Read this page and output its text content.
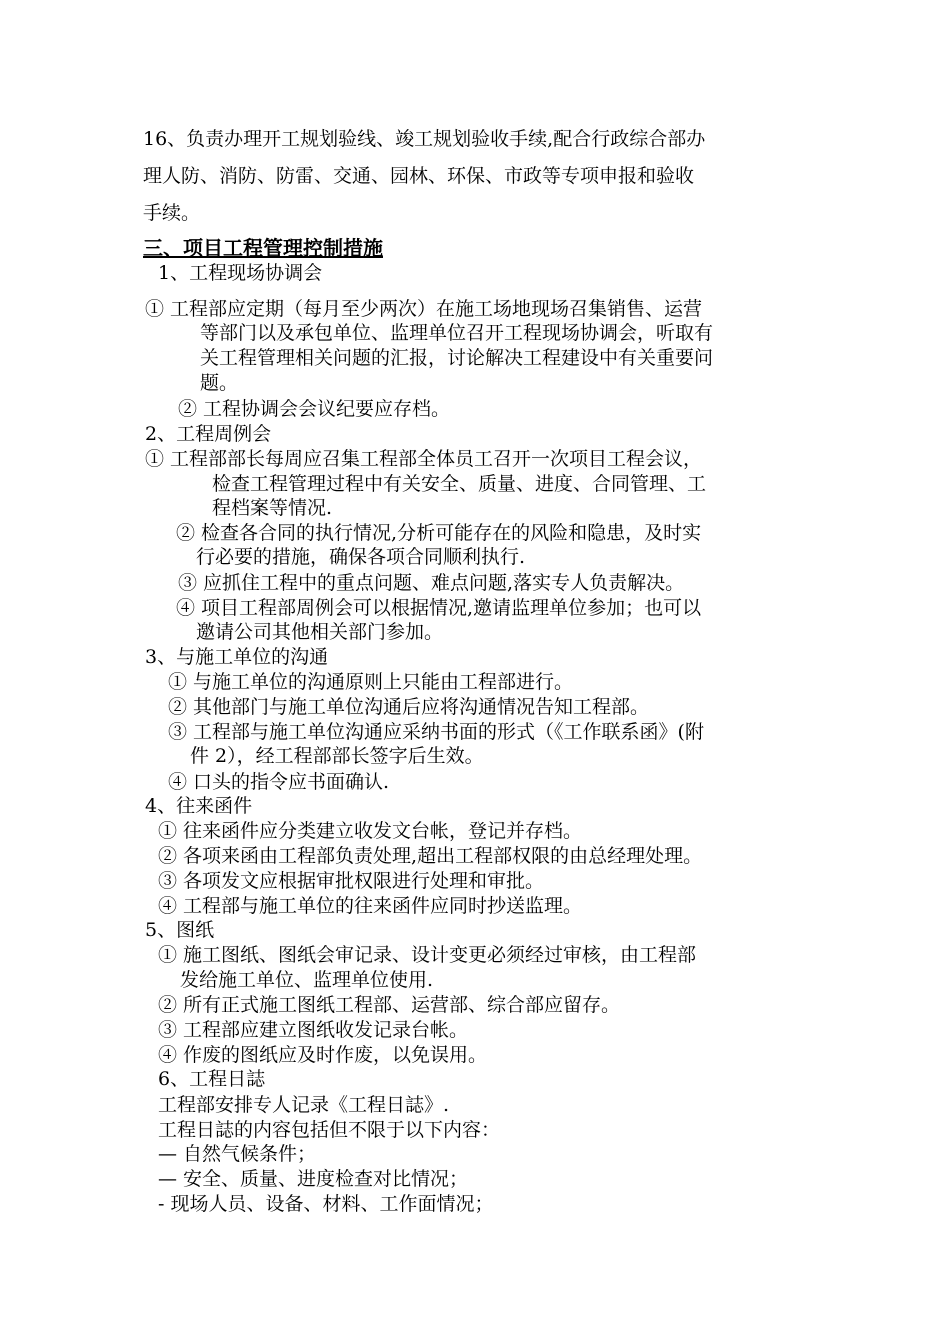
16、负责办理开工规划验线、竣工规划验收手续,配合行政综合部办
理人防、消防、防雷、交通、园林、环保、市政等专项申报和验收
手续。
三、项目工程管理控制措施
1、工程现场协调会
① 工程部应定期（每月至少两次）在施工场地现场召集销售、运营
等部门以及承包单位、监理单位召开工程现场协调会，听取有
关工程管理相关问题的汇报，讨论解决工程建设中有关重要问
题。
② 工程协调会会议纪要应存档。
2、工程周例会
① 工程部部长每周应召集工程部全体员工召开一次项目工程会议，
检查工程管理过程中有关安全、质量、进度、合同管理、工
程档案等情况.
② 检查各合同的执行情况,分析可能存在的风险和隐患，及时实
行必要的措施，确保各项合同顺利执行.
③ 应抓住工程中的重点问题、难点问题,落实专人负责解决。
④ 项目工程部周例会可以根据情况,邀请监理单位参加；也可以
邀请公司其他相关部门参加。
3、与施工单位的沟通
① 与施工单位的沟通原则上只能由工程部进行。
② 其他部门与施工单位沟通后应将沟通情况告知工程部。
③ 工程部与施工单位沟通应采纳书面的形式（《工作联系函》(附
件 2），经工程部部长签字后生效。
④ 口头的指令应书面确认.
4、往来函件
① 往来函件应分类建立收发文台帐，登记并存档。
② 各项来函由工程部负责处理,超出工程部权限的由总经理处理。
③ 各项发文应根据审批权限进行处理和审批。
④ 工程部与施工单位的往来函件应同时抄送监理。
5、图纸
① 施工图纸、图纸会审记录、设计变更必须经过审核，由工程部
发给施工单位、监理单位使用.
② 所有正式施工图纸工程部、运营部、综合部应留存。
③ 工程部应建立图纸收发记录台帐。
④ 作废的图纸应及时作废，以免误用。
6、工程日誌
工程部安排专人记录《工程日誌》.
工程日誌的内容包括但不限于以下内容：
— 自然气候条件；
— 安全、质量、进度检查对比情况；
- 现场人员、设备、材料、工作面情况；
